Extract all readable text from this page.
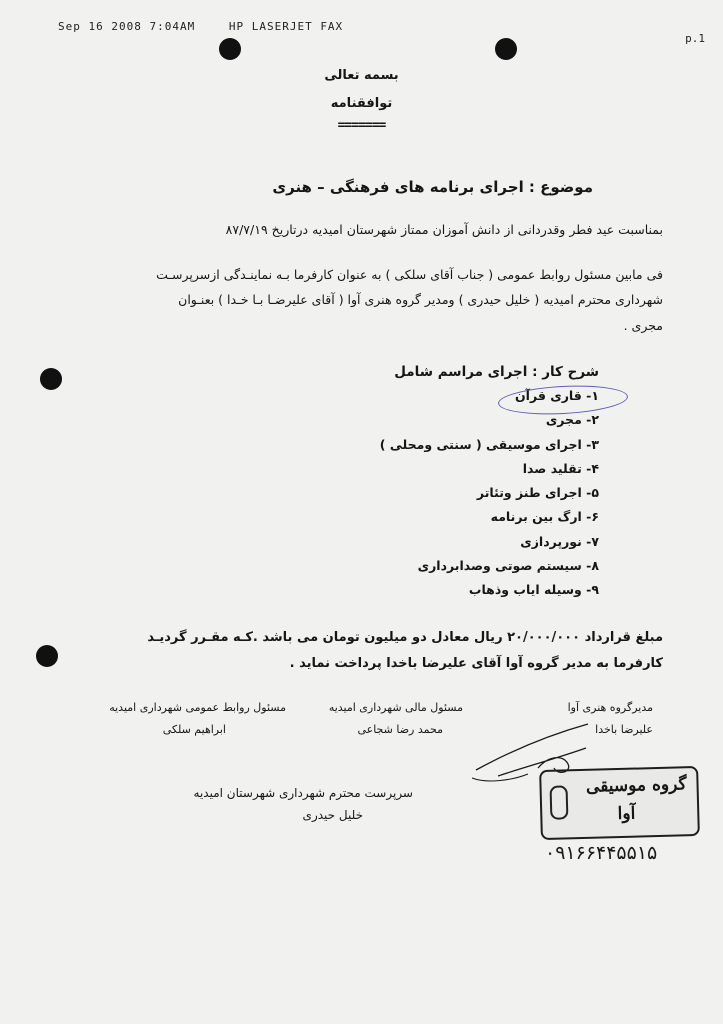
Sep 16 2008 7:04AM	HP LASERJET FAX
p.1
بسمه تعالی
توافقنامه
=======
موضوع : اجرای برنامه های فرهنگی – هنری
بمناسبت عید فطر وقدردانی از دانش آموزان ممتاز شهرستان امیدیه درتاریخ ۸۷/۷/۱۹
فی مابین مسئول روابط عمومی ( جناب آقای سلکی ) به عنوان کارفرما بـه نماینـدگی ازسرپرسـت
شهرداری محترم امیدیه ( خلیل حیدری ) ومدیر گروه هنری آوا ( آقای علیرضـا بـا خـدا ) بعنـوان
مجری .
شرح کار : اجرای مراسم شامل
۱- قاری قرآن
۲- مجری
۳- اجرای موسیقی ( سنتی ومحلی )
۴- تقلید صدا
۵- اجرای طنز وتئاتر
۶- ارگ بین برنامه
۷- نورپردازی
۸- سیستم صوتی وصدابرداری
۹- وسیله ایاب وذهاب
مبلغ قرارداد ۲۰/۰۰۰/۰۰۰ ریال معادل دو میلیون تومان می باشد .کـه مقـرر گردیـد
کارفرما به مدیر گروه آوا آقای علیرضا باخدا پرداخت نماید .
مدیرگروه هنری آوا
علیرضا باخدا
مسئول مالی شهرداری امیدیه
محمد رضا شجاعی
مسئول روابط عمومی شهرداری امیدیه
ابراهیم سلکی
سرپرست محترم شهرداری شهرستان امیدیه
خلیل حیدری
گروه موسیقی
آوا
۰۹۱۶۶۴۴۵۵۱۵
